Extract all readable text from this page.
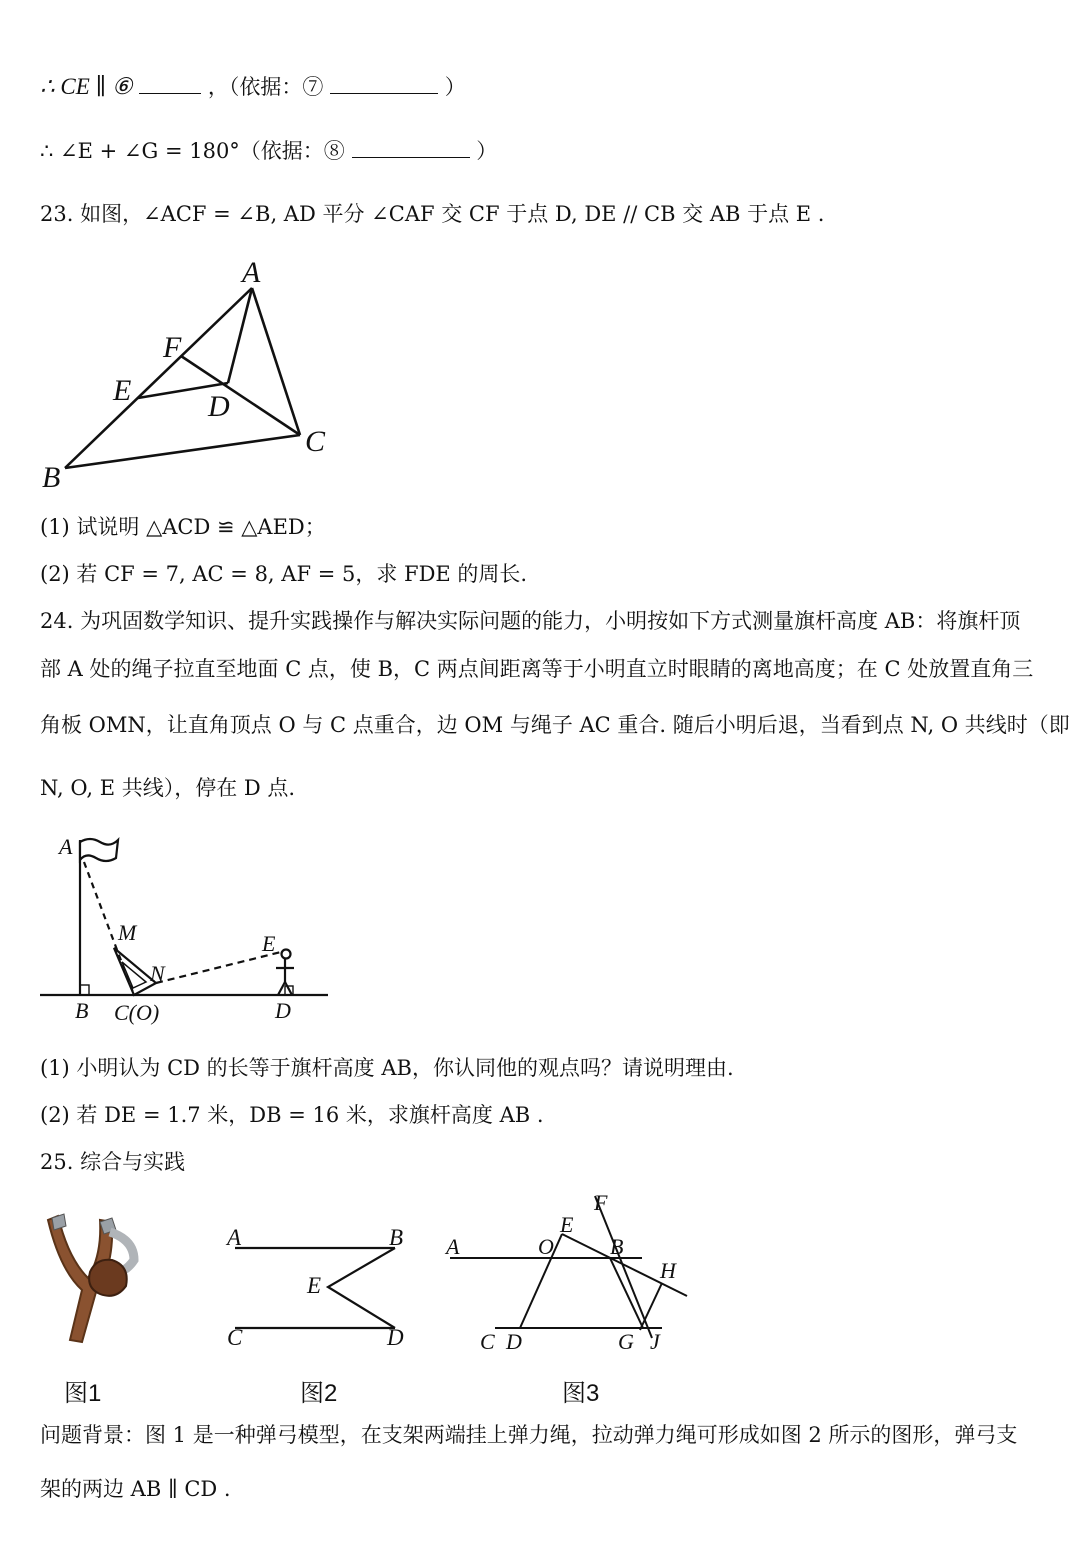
∴ CE ∥ ⑥	，（依据：⑦	）
∴ ∠E + ∠G = 180°（依据：⑧	）
23. 如图，∠ACF = ∠B, AD 平分 ∠CAF 交 CF 于点 D, DE // CB 交 AB 于点 E .
A
B
C
D
E
F
(1) 试说明 △ACD ≌ △AED；
(2) 若 CF = 7, AC = 8, AF = 5，求 FDE 的周长.
24. 为巩固数学知识、提升实践操作与解决实际问题的能力，小明按如下方式测量旗杆高度 AB：将旗杆顶
部 A 处的绳子拉直至地面 C 点，使 B，C 两点间距离等于小明直立时眼睛的离地高度；在 C 处放置直角三
角板 OMN，让直角顶点 O 与 C 点重合，边 OM 与绳子 AC 重合. 随后小明后退，当看到点 N, O 共线时（即
N, O, E 共线），停在 D 点.
A
B C(O)	D
E
M
N
(1) 小明认为 CD 的长等于旗杆高度 AB，你认同他的观点吗？请说明理由.
(2) 若 DE = 1.7 米，DB = 16 米，求旗杆高度 AB .
25. 综合与实践
图1
A	B
C	D
E
图2
A	O
E
F
B
H
C D	G J
图3
问题背景：图 1 是一种弹弓模型，在支架两端挂上弹力绳，拉动弹力绳可形成如图 2 所示的图形，弹弓支
架的两边 AB ∥ CD .
